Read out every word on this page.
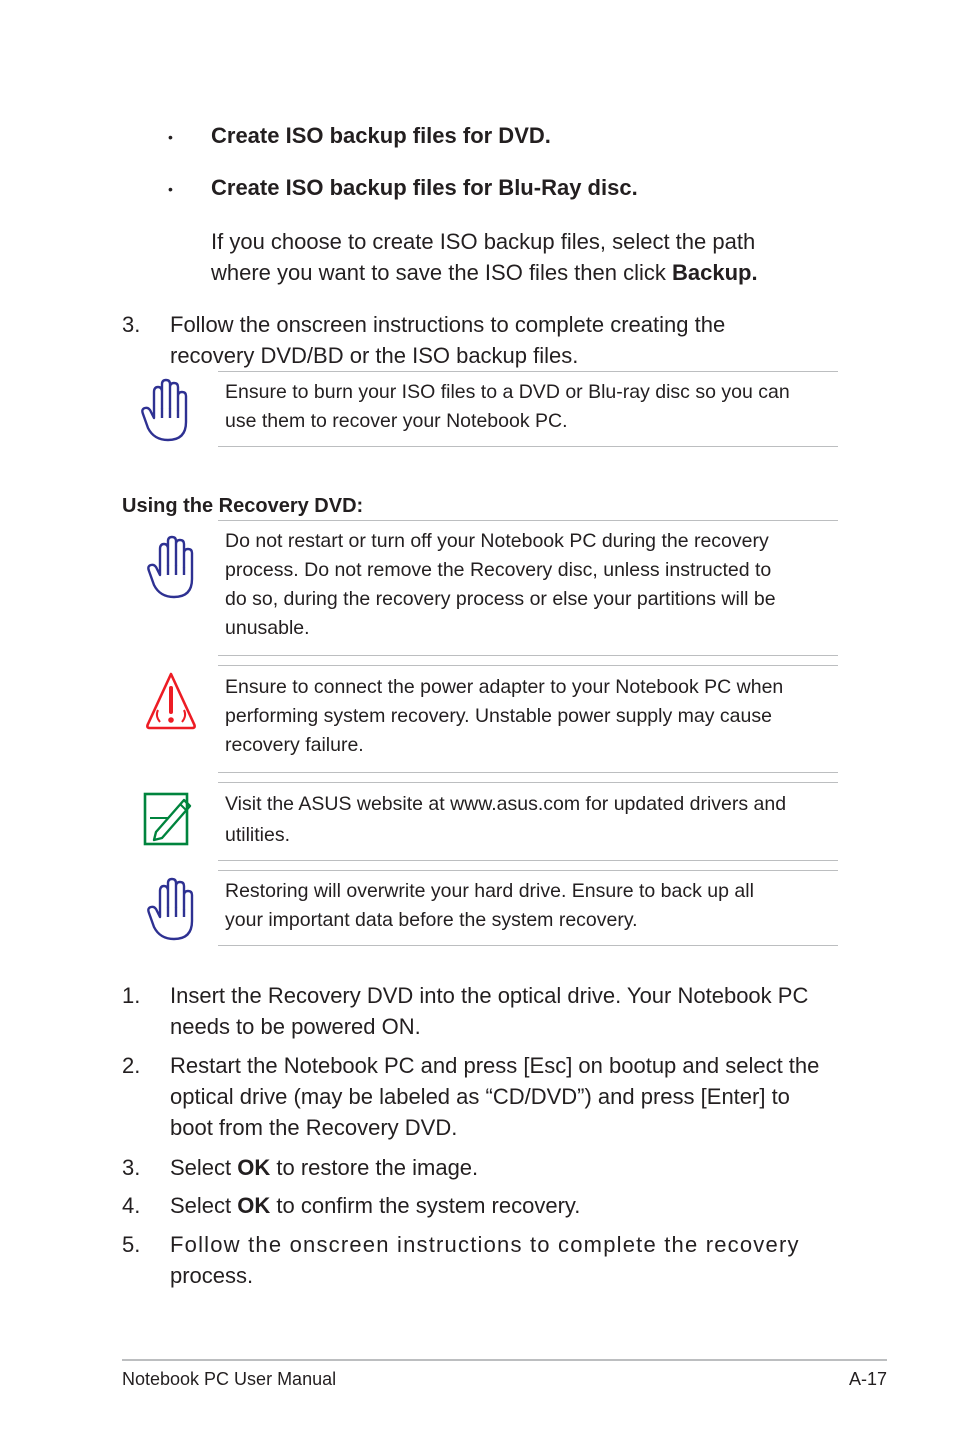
• Create ISO backup files for DVD.
• Create ISO backup files for Blu-Ray disc.
If you choose to create ISO backup files, select the path
where you want to save the ISO files then click Backup.
3. Follow the onscreen instructions to complete creating the
recovery DVD/BD or the ISO backup files.
Ensure to burn your ISO files to a DVD or Blu-ray disc so you can
use them to recover your Notebook PC.
Using the Recovery DVD:
Do not restart or turn off your Notebook PC during the recovery
process. Do not remove the Recovery disc, unless instructed to
do so, during the recovery process or else your partitions will be
unusable.
Ensure to connect the power adapter to your Notebook PC when
performing system recovery. Unstable power supply may cause
recovery failure.
Visit the ASUS website at www.asus.com for updated drivers and
utilities.
Restoring will overwrite your hard drive. Ensure to back up all
your important data before the system recovery.
1. Insert the Recovery DVD into the optical drive. Your Notebook PC
needs to be powered ON.
2. Restart the Notebook PC and press [Esc] on bootup and select the
optical drive (may be labeled as “CD/DVD”) and press [Enter] to
boot from the Recovery DVD.
3. Select OK to restore the image.
4. Select OK to confirm the system recovery.
5. Follow the onscreen instructions to complete the recovery
process.
Notebook PC User Manual	A-17
